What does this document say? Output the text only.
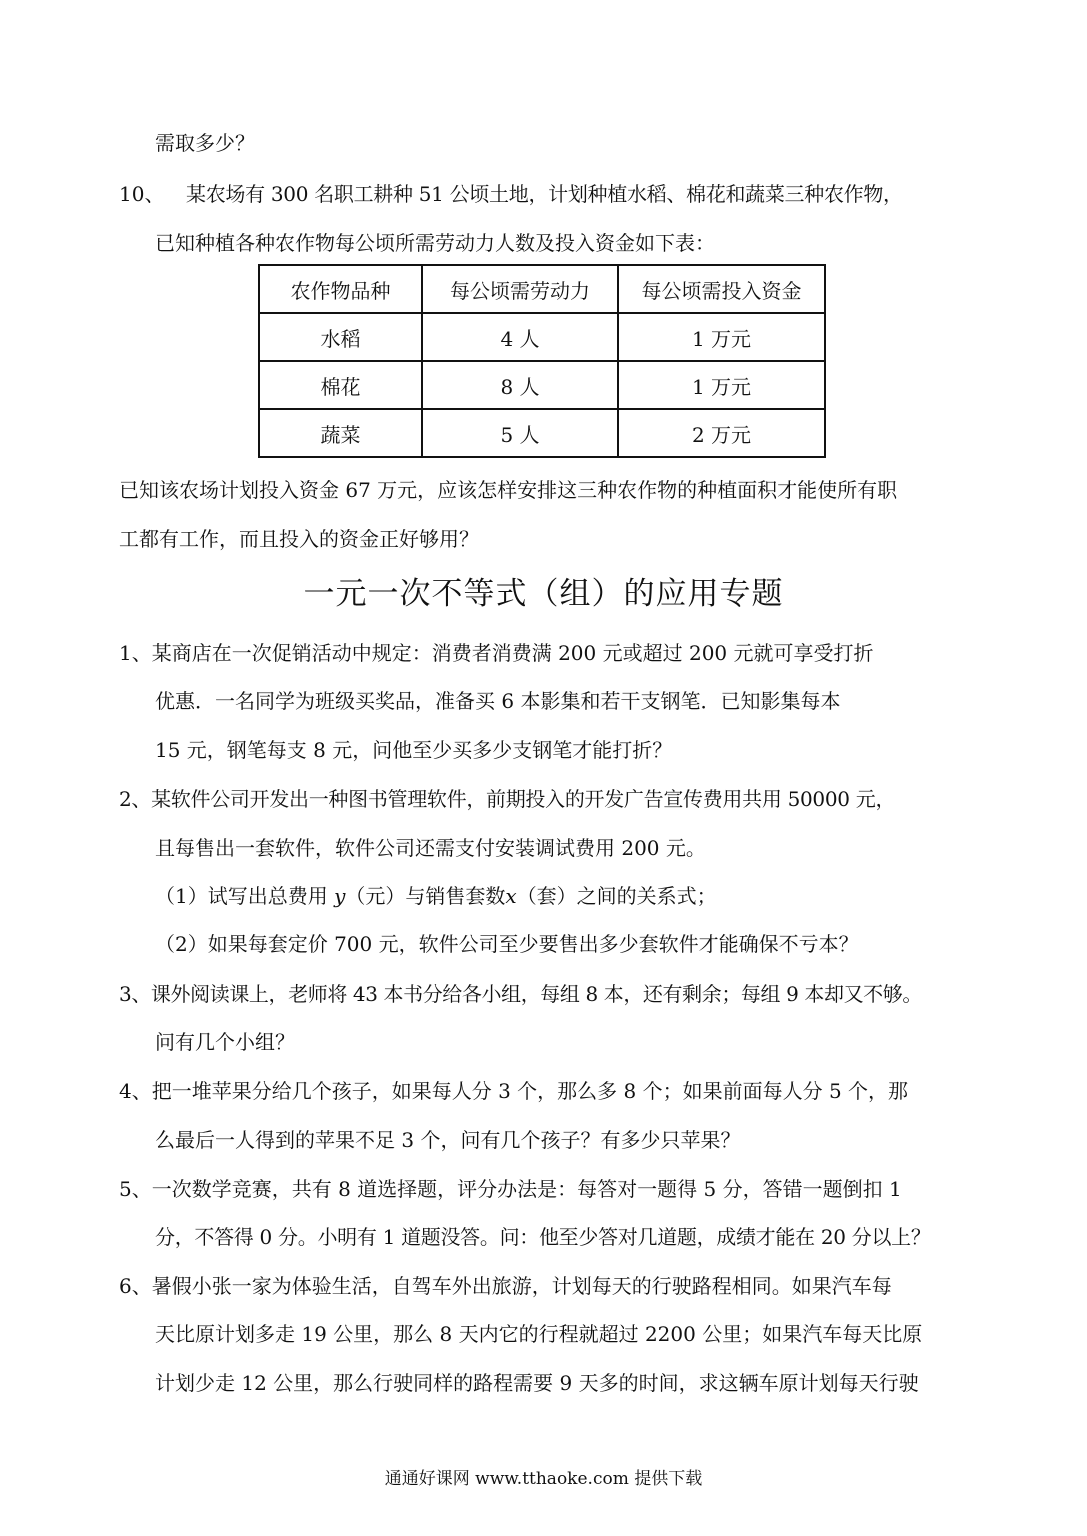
需取多少？
10、 某农场有 300 名职工耕种 51 公顷土地，计划种植水稻、棉花和蔬菜三种农作物，
已知种植各种农作物每公顷所需劳动力人数及投入资金如下表：
农作物品种	每公顷需劳动力	每公顷需投入资金
水稻	4 人	1 万元
棉花	8 人	1 万元
蔬菜	5 人	2 万元
已知该农场计划投入资金 67 万元，应该怎样安排这三种农作物的种植面积才能使所有职
工都有工作，而且投入的资金正好够用？
一元一次不等式（组）的应用专题
1、某商店在一次促销活动中规定：消费者消费满 200 元或超过 200 元就可享受打折
优惠．一名同学为班级买奖品，准备买 6 本影集和若干支钢笔．已知影集每本
15 元，钢笔每支 8 元，问他至少买多少支钢笔才能打折？
2、某软件公司开发出一种图书管理软件，前期投入的开发广告宣传费用共用 50000 元，
且每售出一套软件，软件公司还需支付安装调试费用 200 元。
（1）试写出总费用 y（元）与销售套数x（套）之间的关系式；
（2）如果每套定价 700 元，软件公司至少要售出多少套软件才能确保不亏本？
3、课外阅读课上，老师将 43 本书分给各小组，每组 8 本，还有剩余；每组 9 本却又不够。
问有几个小组？
4、把一堆苹果分给几个孩子，如果每人分 3 个，那么多 8 个；如果前面每人分 5 个，那
么最后一人得到的苹果不足 3 个，问有几个孩子？有多少只苹果？
5、一次数学竞赛，共有 8 道选择题，评分办法是：每答对一题得 5 分，答错一题倒扣 1
分，不答得 0 分。小明有 1 道题没答。问：他至少答对几道题，成绩才能在 20 分以上？
6、暑假小张一家为体验生活，自驾车外出旅游，计划每天的行驶路程相同。如果汽车每
天比原计划多走 19 公里，那么 8 天内它的行程就超过 2200 公里；如果汽车每天比原
计划少走 12 公里，那么行驶同样的路程需要 9 天多的时间，求这辆车原计划每天行驶
通通好课网 www.tthaoke.com 提供下载
